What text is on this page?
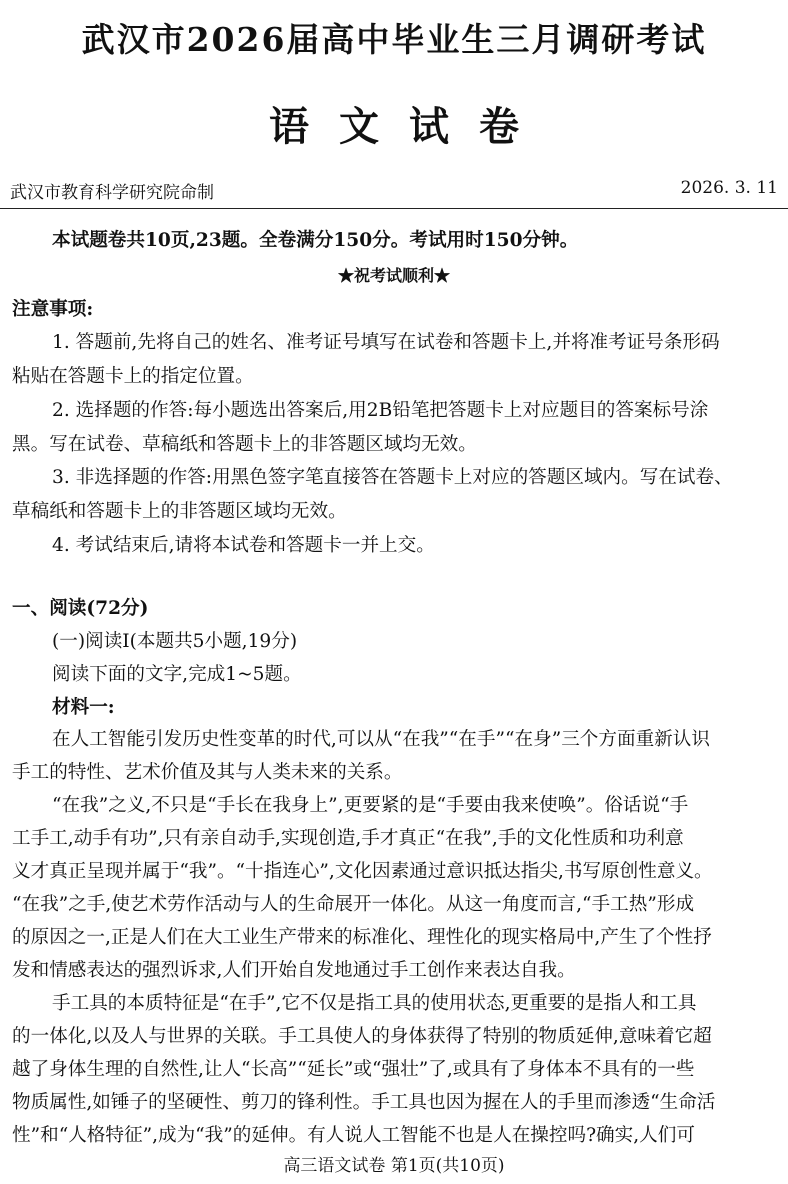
武汉市2026届高中毕业生三月调研考试
语文试卷
武汉市教育科学研究院命制	2026. 3. 11
本试题卷共10页,23题。全卷满分150分。考试用时150分钟。
★祝考试顺利★
注意事项:
1. 答题前,先将自己的姓名、准考证号填写在试卷和答题卡上,并将准考证号条形码
粘贴在答题卡上的指定位置。
2. 选择题的作答:每小题选出答案后,用2B铅笔把答题卡上对应题目的答案标号涂
黑。写在试卷、草稿纸和答题卡上的非答题区域均无效。
3. 非选择题的作答:用黑色签字笔直接答在答题卡上对应的答题区域内。写在试卷、
草稿纸和答题卡上的非答题区域均无效。
4. 考试结束后,请将本试卷和答题卡一并上交。
一、阅读(72分)
(一)阅读Ⅰ(本题共5小题,19分)
阅读下面的文字,完成1~5题。
材料一:
在人工智能引发历史性变革的时代,可以从“在我”“在手”“在身”三个方面重新认识
手工的特性、艺术价值及其与人类未来的关系。
“在我”之义,不只是“手长在我身上”,更要紧的是“手要由我来使唤”。俗话说“手
工手工,动手有功”,只有亲自动手,实现创造,手才真正“在我”,手的文化性质和功利意
义才真正呈现并属于“我”。“十指连心”,文化因素通过意识抵达指尖,书写原创性意义。
“在我”之手,使艺术劳作活动与人的生命展开一体化。从这一角度而言,“手工热”形成
的原因之一,正是人们在大工业生产带来的标准化、理性化的现实格局中,产生了个性抒
发和情感表达的强烈诉求,人们开始自发地通过手工创作来表达自我。
手工具的本质特征是“在手”,它不仅是指工具的使用状态,更重要的是指人和工具
的一体化,以及人与世界的关联。手工具使人的身体获得了特别的物质延伸,意味着它超
越了身体生理的自然性,让人“长高”“延长”或“强壮”了,或具有了身体本不具有的一些
物质属性,如锤子的坚硬性、剪刀的锋利性。手工具也因为握在人的手里而渗透“生命活
性”和“人格特征”,成为“我”的延伸。有人说人工智能不也是人在操控吗?确实,人们可
高三语文试卷 第1页(共10页)
